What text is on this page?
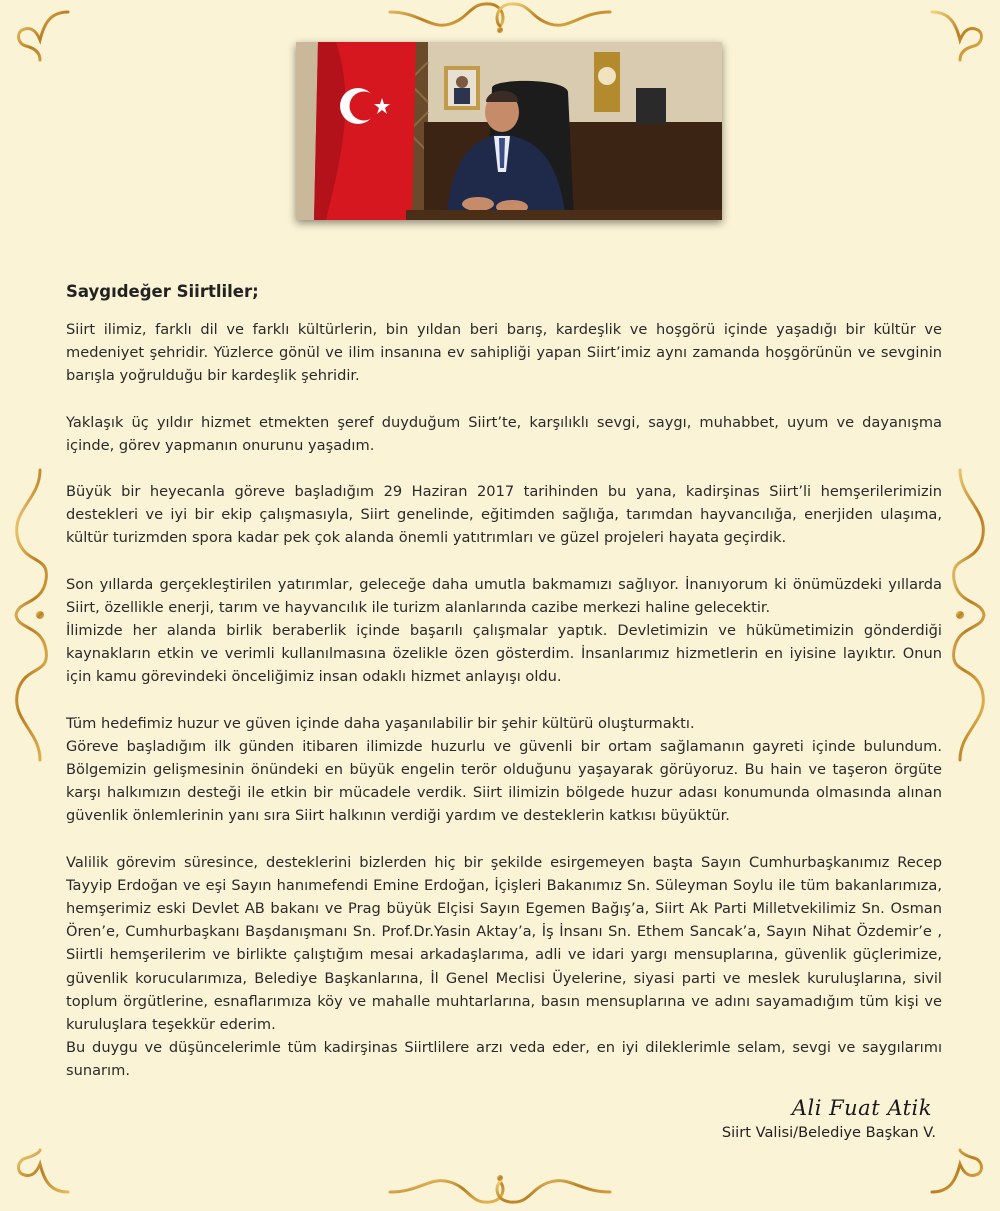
Saygıdeğer Siirtliler;

Siirt ilimiz, farklı dil ve farklı kültürlerin, bin yıldan beri barış, kardeşlik ve hoşgörü içinde yaşadığı bir kültür ve medeniyet şehridir. Yüzlerce gönül ve ilim insanına ev sahipliği yapan Siirt’imiz aynı zamanda hoşgörünün ve sevginin barışla yoğrulduğu bir kardeşlik şehridir.

Yaklaşık üç yıldır hizmet etmekten şeref duyduğum Siirt’te, karşılıklı sevgi, saygı, muhabbet, uyum ve dayanışma içinde, görev yapmanın onurunu yaşadım.

Büyük bir heyecanla göreve başladığım 29 Haziran 2017 tarihinden bu yana, kadirşinas Siirt’li hemşerilerimizin destekleri ve iyi bir ekip çalışmasıyla, Siirt genelinde, eğitimden sağlığa, tarımdan hayvancılığa, enerjiden ulaşıma, kültür turizmden spora kadar pek çok alanda önemli yatıtrımları ve güzel projeleri hayata geçirdik.

Son yıllarda gerçekleştirilen yatırımlar, geleceğe daha umutla bakmamızı sağlıyor. İnanıyorum ki önümüzdeki yıllarda Siirt, özellikle enerji, tarım ve hayvancılık ile turizm alanlarında cazibe merkezi haline gelecektir.

İlimizde her alanda birlik beraberlik içinde başarılı çalışmalar yaptık. Devletimizin ve hükümetimizin gönderdiği kaynakların etkin ve verimli kullanılmasına özelikle özen gösterdim. İnsanlarımız hizmetlerin en iyisine layıktır. Onun için kamu görevindeki önceliğimiz insan odaklı hizmet anlayışı oldu.

Tüm hedefimiz huzur ve güven içinde daha yaşanılabilir bir şehir kültürü oluşturmaktı.

Göreve başladığım ilk günden itibaren ilimizde huzurlu ve güvenli bir ortam sağlamanın gayreti içinde bulundum. Bölgemizin gelişmesinin önündeki en büyük engelin terör olduğunu yaşayarak görüyoruz. Bu hain ve taşeron örgüte karşı halkımızın desteği ile etkin bir mücadele verdik. Siirt ilimizin bölgede huzur adası konumunda olmasında alınan güvenlik önlemlerinin yanı sıra Siirt halkının verdiği yardım ve desteklerin katkısı büyüktür.

Valilik görevim süresince, desteklerini bizlerden hiç bir şekilde esirgemeyen başta Sayın Cumhurbaşkanımız Recep Tayyip Erdoğan ve eşi Sayın hanımefendi Emine Erdoğan, İçişleri Bakanımız Sn. Süleyman Soylu ile tüm bakanlarımıza, hemşerimiz eski Devlet AB bakanı ve Prag büyük Elçisi Sayın Egemen Bağış’a, Siirt Ak Parti Milletvekilimiz Sn. Osman Ören’e, Cumhurbaşkanı Başdanışmanı Sn. Prof.Dr.Yasin Aktay’a, İş İnsanı Sn. Ethem Sancak’a, Sayın Nihat Özdemir’e , Siirtli hemşerilerim ve birlikte çalıştığım mesai arkadaşlarıma, adli ve idari yargı mensuplarına, güvenlik güçlerimize, güvenlik korucularımıza, Belediye Başkanlarına, İl Genel Meclisi Üyelerine, siyasi parti ve meslek kuruluşlarına, sivil toplum örgütlerine, esnaflarımıza köy ve mahalle muhtarlarına, basın mensuplarına ve adını sayamadığım tüm kişi ve kuruluşlara teşekkür ederim.

Bu duygu ve düşüncelerimle tüm kadirşinas Siirtlilere arzı veda eder, en iyi dileklerimle selam, sevgi ve saygılarımı sunarım.

Ali Fuat Atik
Siirt Valisi/Belediye Başkan V.
